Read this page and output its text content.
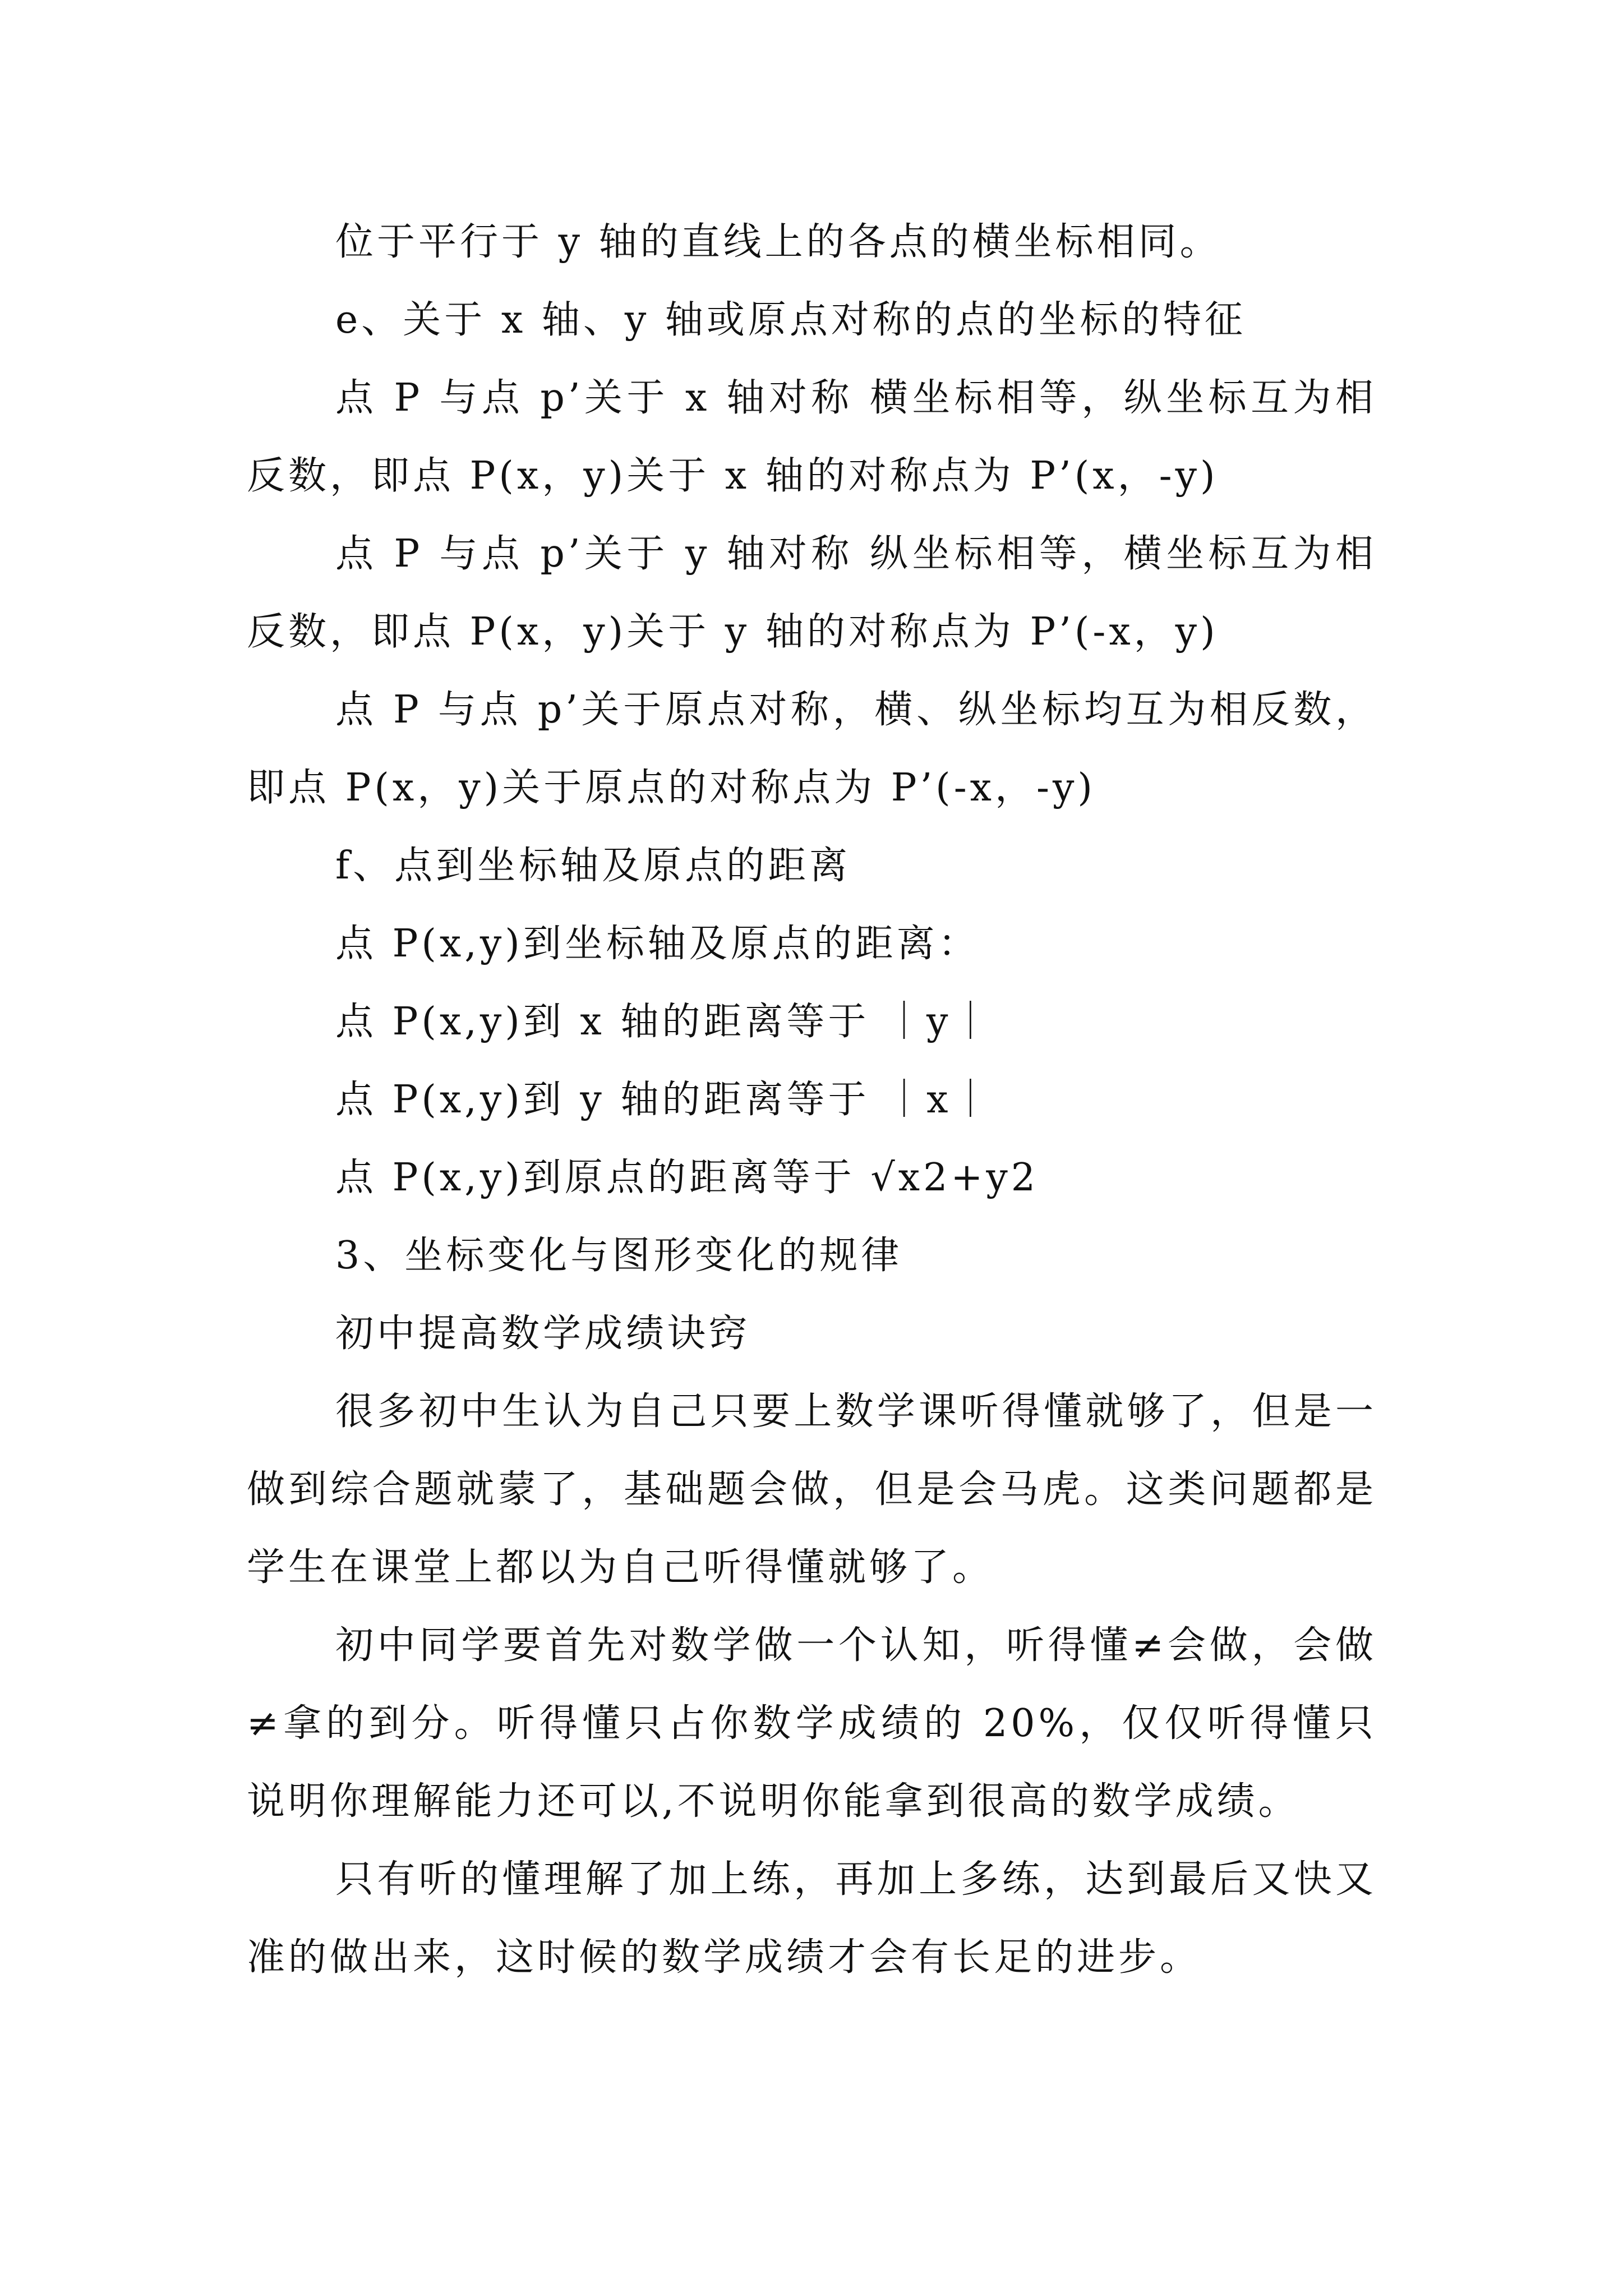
位于平行于 y 轴的直线上的各点的横坐标相同。

e、关于 x 轴、y 轴或原点对称的点的坐标的特征

点 P 与点 p’关于 x 轴对称 横坐标相等，纵坐标互为相反数，即点 P(x，y)关于 x 轴的对称点为 P’(x，-y)

点 P 与点 p’关于 y 轴对称 纵坐标相等，横坐标互为相反数，即点 P(x，y)关于 y 轴的对称点为 P’(-x，y)

点 P 与点 p’关于原点对称，横、纵坐标均互为相反数，即点 P(x，y)关于原点的对称点为 P’(-x，-y)

f、点到坐标轴及原点的距离

点 P(x,y)到坐标轴及原点的距离：

点 P(x,y)到 x 轴的距离等于 ｜y｜

点 P(x,y)到 y 轴的距离等于 ｜x｜

点 P(x,y)到原点的距离等于 √x2+y2

3、坐标变化与图形变化的规律

初中提高数学成绩诀窍

很多初中生认为自己只要上数学课听得懂就够了，但是一做到综合题就蒙了，基础题会做，但是会马虎。这类问题都是学生在课堂上都以为自己听得懂就够了。

初中同学要首先对数学做一个认知，听得懂≠会做，会做≠拿的到分。听得懂只占你数学成绩的 20%，仅仅听得懂只说明你理解能力还可以,不说明你能拿到很高的数学成绩。

只有听的懂理解了加上练，再加上多练，达到最后又快又准的做出来，这时候的数学成绩才会有长足的进步。
